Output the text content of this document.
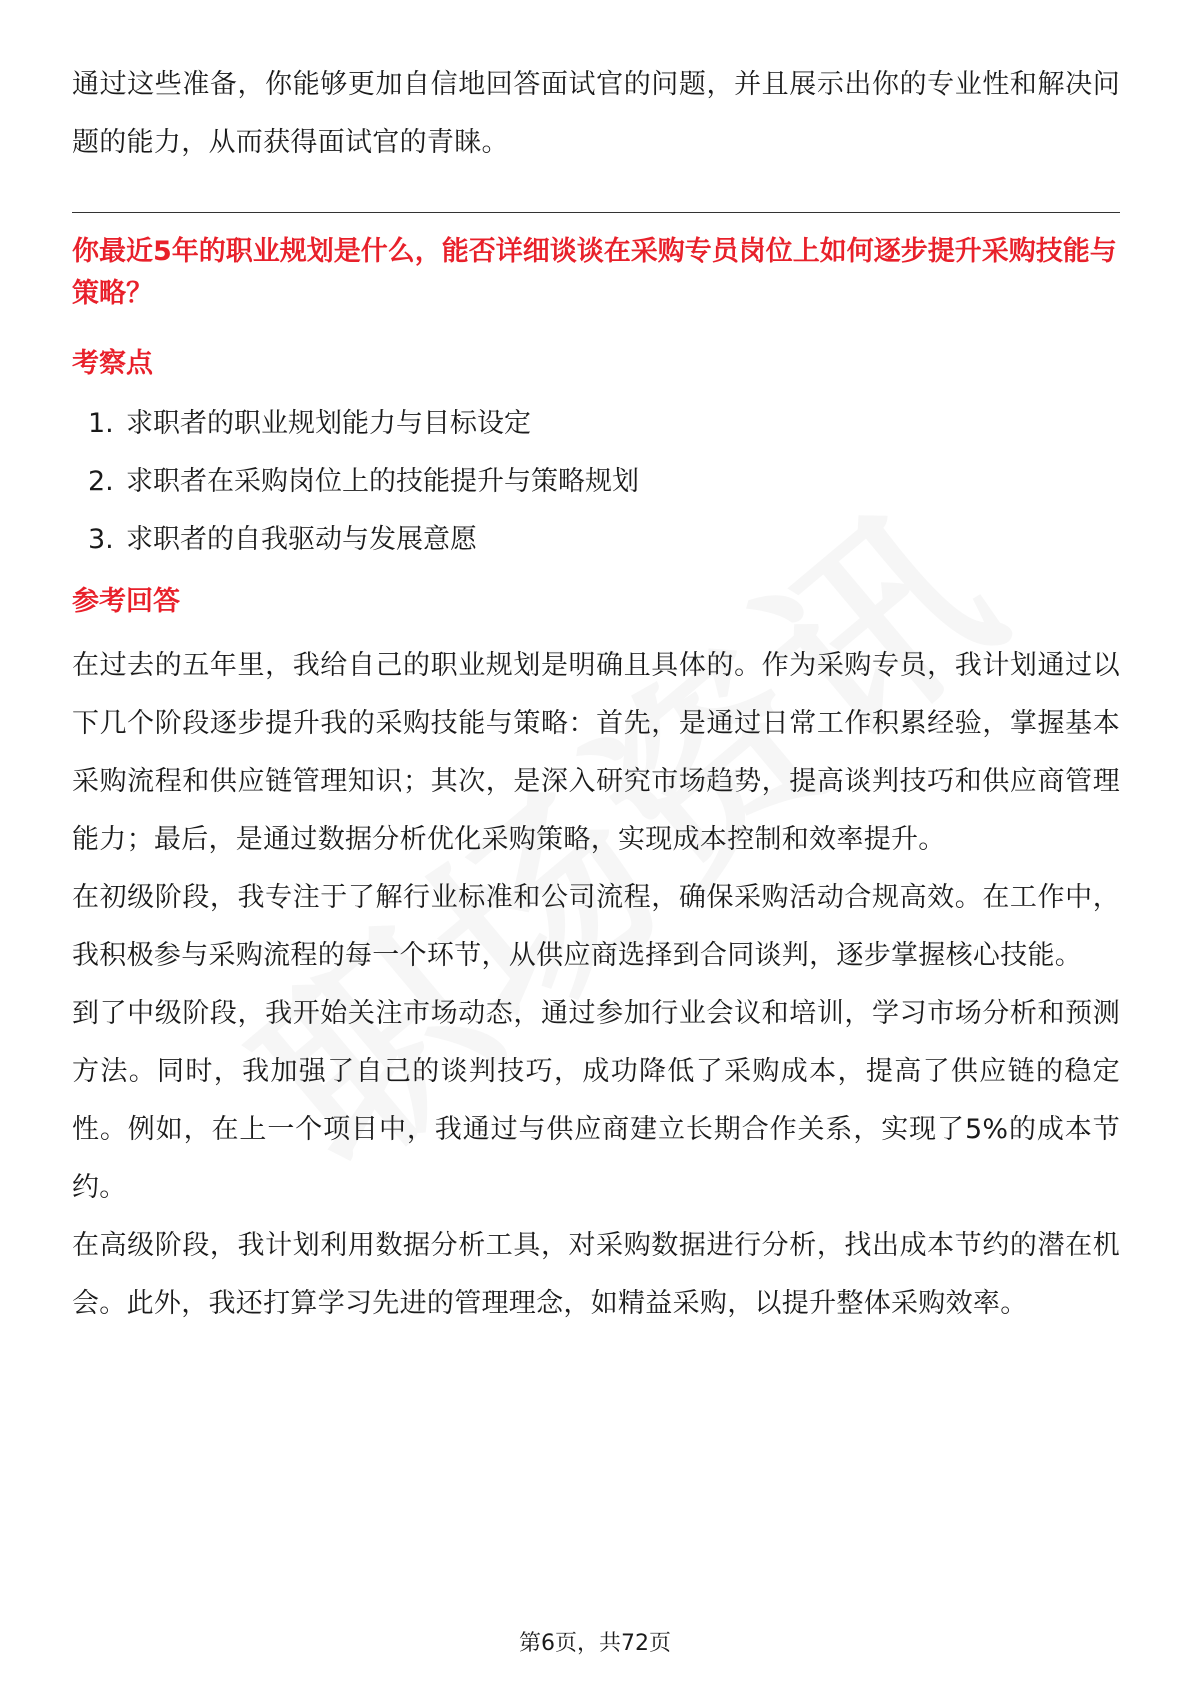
通过这些准备，你能够更加自信地回答面试官的问题，并且展示出你的专业性和解决问题的能力，从而获得面试官的青睐。

你最近5年的职业规划是什么，能否详细谈谈在采购专员岗位上如何逐步提升采购技能与策略？

考察点
1. 求职者的职业规划能力与目标设定
2. 求职者在采购岗位上的技能提升与策略规划
3. 求职者的自我驱动与发展意愿
参考回答

在过去的五年里，我给自己的职业规划是明确且具体的。作为采购专员，我计划通过以下几个阶段逐步提升我的采购技能与策略：首先，是通过日常工作积累经验，掌握基本采购流程和供应链管理知识；其次，是深入研究市场趋势，提高谈判技巧和供应商管理能力；最后，是通过数据分析优化采购策略，实现成本控制和效率提升。

在初级阶段，我专注于了解行业标准和公司流程，确保采购活动合规高效。在工作中，我积极参与采购流程的每一个环节，从供应商选择到合同谈判，逐步掌握核心技能。

到了中级阶段，我开始关注市场动态，通过参加行业会议和培训，学习市场分析和预测方法。同时，我加强了自己的谈判技巧，成功降低了采购成本，提高了供应链的稳定性。例如，在上一个项目中，我通过与供应商建立长期合作关系，实现了5%的成本节约。

在高级阶段，我计划利用数据分析工具，对采购数据进行分析，找出成本节约的潜在机会。此外，我还打算学习先进的管理理念，如精益采购，以提升整体采购效率。

第6页，共72页
